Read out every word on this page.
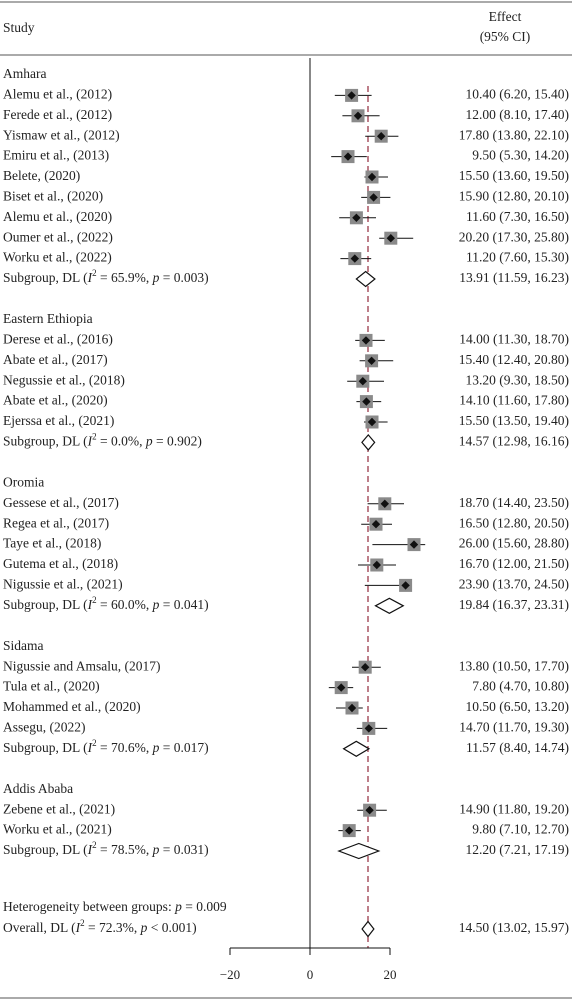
Study
Effect
(95% CI)
Amhara
Alemu et al., (2012)	10.40 (6.20, 15.40)
Ferede et al., (2012)	12.00 (8.10, 17.40)
Yismaw et al., (2012)	17.80 (13.80, 22.10)
Emiru et al., (2013)	9.50 (5.30, 14.20)
Belete, (2020)	15.50 (13.60, 19.50)
Biset et al., (2020)	15.90 (12.80, 20.10)
Alemu et al., (2020)	11.60 (7.30, 16.50)
Oumer et al., (2022)	20.20 (17.30, 25.80)
Worku et al., (2022)	11.20 (7.60, 15.30)
Subgroup, DL ($I^2 = 65.9\%$, p = 0.003)	13.91 (11.59, 16.23)
Eastern Ethiopia
Derese et al., (2016)	14.00 (11.30, 18.70)
Abate et al., (2017)	15.40 (12.40, 20.80)
Negussie et al., (2018)	13.20 (9.30, 18.50)
Abate et al., (2020)	14.10 (11.60, 17.80)
Ejerssa et al., (2021)	15.50 (13.50, 19.40)
Subgroup, DL ($I^2 = 0.0\%$, p = 0.902)	14.57 (12.98, 16.16)
Oromia
Gessese et al., (2017)	18.70 (14.40, 23.50)
Regea et al., (2017)	16.50 (12.80, 20.50)
Taye et al., (2018)	26.00 (15.60, 28.80)
Gutema et al., (2018)	16.70 (12.00, 21.50)
Nigussie et al., (2021)	23.90 (13.70, 24.50)
Subgroup, DL ($I^2 = 60.0\%$, p = 0.041)	19.84 (16.37, 23.31)
Sidama
Nigussie and Amsalu, (2017)	13.80 (10.50, 17.70)
Tula et al., (2020)	7.80 (4.70, 10.80)
Mohammed et al., (2020)	10.50 (6.50, 13.20)
Assegu, (2022)	14.70 (11.70, 19.30)
Subgroup, DL ($I^2 = 70.6\%$, p = 0.017)	11.57 (8.40, 14.74)
Addis Ababa
Zebene et al., (2021)	14.90 (11.80, 19.20)
Worku et al., (2021)	9.80 (7.10, 12.70)
Subgroup, DL ($I^2 = 78.5\%$, p = 0.031)	12.20 (7.21, 17.19)
Heterogeneity between groups: p = 0.009
Overall, DL ($I^2 = 72.3\%$, p < 0.001)	14.50 (13.02, 15.97)
−20	0	20
